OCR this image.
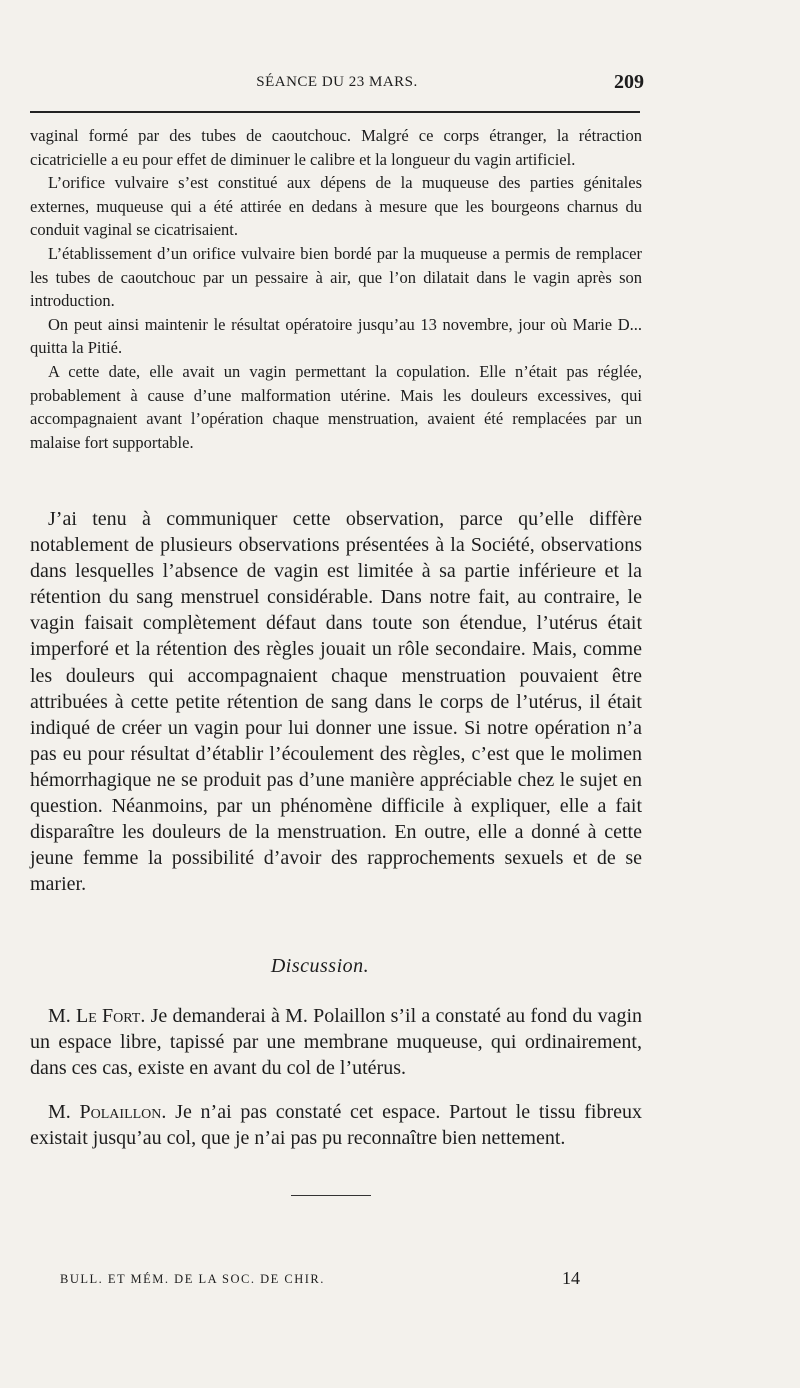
SÉANCE DU 23 MARS.	209

vaginal formé par des tubes de caoutchouc. Malgré ce corps étranger, la rétraction cicatricielle a eu pour effet de diminuer le calibre et la longueur du vagin artificiel.

L’orifice vulvaire s’est constitué aux dépens de la muqueuse des parties génitales externes, muqueuse qui a été attirée en dedans à mesure que les bourgeons charnus du conduit vaginal se cicatrisaient.

L’établissement d’un orifice vulvaire bien bordé par la muqueuse a permis de remplacer les tubes de caoutchouc par un pessaire à air, que l’on dilatait dans le vagin après son introduction.

On peut ainsi maintenir le résultat opératoire jusqu’au 13 novembre, jour où Marie D... quitta la Pitié.

A cette date, elle avait un vagin permettant la copulation. Elle n’était pas réglée, probablement à cause d’une malformation utérine. Mais les douleurs excessives, qui accompagnaient avant l’opération chaque menstruation, avaient été remplacées par un malaise fort supportable.

J’ai tenu à communiquer cette observation, parce qu’elle diffère notablement de plusieurs observations présentées à la Société, observations dans lesquelles l’absence de vagin est limitée à sa partie inférieure et la rétention du sang menstruel considérable. Dans notre fait, au contraire, le vagin faisait complètement défaut dans toute son étendue, l’utérus était imperforé et la rétention des règles jouait un rôle secondaire. Mais, comme les douleurs qui accompagnaient chaque menstruation pouvaient être attribuées à cette petite rétention de sang dans le corps de l’utérus, il était indiqué de créer un vagin pour lui donner une issue. Si notre opération n’a pas eu pour résultat d’établir l’écoulement des règles, c’est que le molimen hémorrhagique ne se produit pas d’une manière appréciable chez le sujet en question. Néanmoins, par un phénomène difficile à expliquer, elle a fait disparaître les douleurs de la menstruation. En outre, elle a donné à cette jeune femme la possibilité d’avoir des rapprochements sexuels et de se marier.

Discussion.

M. Le Fort. Je demanderai à M. Polaillon s’il a constaté au fond du vagin un espace libre, tapissé par une membrane muqueuse, qui ordinairement, dans ces cas, existe en avant du col de l’utérus.

M. Polaillon. Je n’ai pas constaté cet espace. Partout le tissu fibreux existait jusqu’au col, que je n’ai pas pu reconnaître bien nettement.

BULL. ET MÉM. DE LA SOC. DE CHIR.	14
